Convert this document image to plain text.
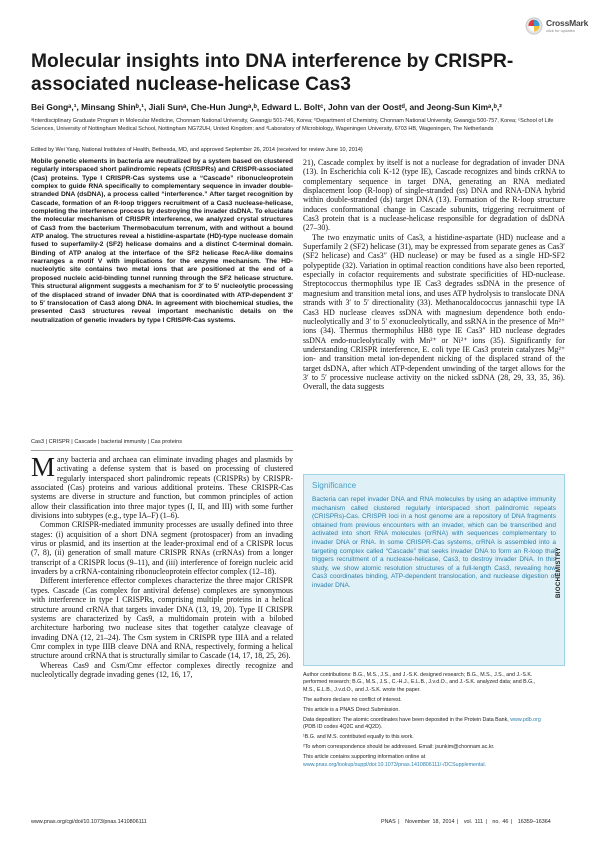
CrossMark
click for updates
Molecular insights into DNA interference by CRISPR-associated nuclease-helicase Cas3
Bei Gongᵃ,¹, Minsang Shinᵇ,¹, Jiali Sunᵃ, Che-Hun Jungᵃ,ᵇ, Edward L. Boltᶜ, John van der Oostᵈ, and Jeong-Sun Kimᵃ,ᵇ,²
ᵃInterdisciplinary Graduate Program in Molecular Medicine, Chonnam National University, Gwangju 501-746, Korea; ᵇDepartment of Chemistry, Chonnam National University, Gwangju 500-757, Korea; ᶜSchool of Life Sciences, University of Nottingham Medical School, Nottingham NG72UH, United Kingdom; and ᵈLaboratory of Microbiology, Wageningen University, 6703 HB, Wageningen, The Netherlands
Edited by Wei Yang, National Institutes of Health, Bethesda, MD, and approved September 26, 2014 (received for review June 10, 2014)
Mobile genetic elements in bacteria are neutralized by a system based on clustered regularly interspaced short palindromic repeats (CRISPRs) and CRISPR-associated (Cas) proteins. Type I CRISPR-Cas systems use a “Cascade” ribonucleoprotein complex to guide RNA specifically to complementary sequence in invader double-stranded DNA (dsDNA), a process called “interference.” After target recognition by Cascade, formation of an R-loop triggers recruitment of a Cas3 nuclease-helicase, completing the interference process by destroying the invader dsDNA. To elucidate the molecular mechanism of CRISPR interference, we analyzed crystal structures of Cas3 from the bacterium Thermobaculum terrenum, with and without a bound ATP analog. The structures reveal a histidine-aspartate (HD)-type nuclease domain fused to superfamily-2 (SF2) helicase domains and a distinct C-terminal domain. Binding of ATP analog at the interface of the SF2 helicase RecA-like domains rearranges a motif V with implications for the enzyme mechanism. The HD-nucleolytic site contains two metal ions that are positioned at the end of a proposed nucleic acid-binding tunnel running through the SF2 helicase structure. This structural alignment suggests a mechanism for 3′ to 5′ nucleolytic processing of the displaced strand of invader DNA that is coordinated with ATP-dependent 3′ to 5′ translocation of Cas3 along DNA. In agreement with biochemical studies, the presented Cas3 structures reveal important mechanistic details on the neutralization of genetic invaders by type I CRISPR-Cas systems.
Cas3 | CRISPR | Cascade | bacterial immunity | Cas proteins

Many bacteria and archaea can eliminate invading phages and plasmids by activating a defense system that is based on processing of clustered regularly interspaced short palindromic repeats (CRISPRs) by CRISPR-associated (Cas) proteins and various additional proteins. These CRISPR-Cas systems are diverse in structure and function, but common principles of action allow their classification into three major types (I, II, and III) with some further divisions into subtypes (e.g., type IA–F) (1–6).

Common CRISPR-mediated immunity processes are usually defined into three stages: (i) acquisition of a short DNA segment (protospacer) from an invading virus or plasmid, and its insertion at the leader-proximal end of a CRISPR locus (7, 8), (ii) generation of small mature CRISPR RNAs (crRNAs) from a longer transcript of a CRISPR locus (9–11), and (iii) interference of foreign nucleic acid invaders by a crRNA-containing ribonucleoprotein effector complex (12–18).

Different interference effector complexes characterize the three major CRISPR types. Cascade (Cas complex for antiviral defense) complexes are synonymous with interference in type I CRISPRs, comprising multiple proteins in a helical structure around crRNA that targets invader DNA (13, 19, 20). Type II CRISPR systems are characterized by Cas9, a multidomain protein with a bilobed architecture harboring two nuclease sites that together catalyze cleavage of invading DNA (12, 21–24). The Csm system in CRISPR type IIIA and a related Cmr complex in type IIIB cleave DNA and RNA, respectively, forming a helical structure around crRNA that is structurally similar to Cascade (14, 17, 18, 25, 26).

Whereas Cas9 and Csm/Cmr effector complexes directly recognize and nucleolytically degrade invading genes (12, 16, 17,

21), Cascade complex by itself is not a nuclease for degradation of invader DNA (13). In Escherichia coli K-12 (type IE), Cascade recognizes and binds crRNA to complementary sequence in target DNA, generating an RNA mediated displacement loop (R-loop) of single-stranded (ss) DNA and RNA-DNA hybrid within double-stranded (ds) target DNA (13). Formation of the R-loop structure induces conformational change in Cascade subunits, triggering recruitment of Cas3 protein that is a nuclease-helicase responsible for degradation of dsDNA (27–30).

The two enzymatic units of Cas3, a histidine-aspartate (HD) nuclease and a Superfamily 2 (SF2) helicase (31), may be expressed from separate genes as Cas3′ (SF2 helicase) and Cas3″ (HD nuclease) or may be fused as a single HD-SF2 polypeptide (32). Variation in optimal reaction conditions have also been reported, especially in cofactor requirements and substrate specificities of HD-nuclease. Streptococcus thermophilus type IE Cas3 degrades ssDNA in the presence of magnesium and transition metal ions, and uses ATP hydrolysis to translocate DNA strands with 3′ to 5′ directionality (33). Methanocaldococcus jannaschii type IA Cas3 HD nuclease cleaves ssDNA with magnesium dependence both endo-nucleolytically and 3′ to 5′ exonucleolytically, and ssRNA in the presence of Mn²⁺ ions (34). Thermus thermophilus HB8 type IE Cas3″ HD nuclease degrades ssDNA endo-nucleolytically with Mn²⁺ or Ni²⁺ ions (35). Significantly for understanding CRISPR interference, E. coli type IE Cas3 protein catalyzes Mg²⁺ ion- and transition metal ion-dependent nicking of the displaced strand of the target dsDNA, after which ATP-dependent unwinding of the target allows for the 3′ to 5′ processive nuclease activity on the nicked ssDNA (28, 29, 33, 35, 36). Overall, the data suggests

Significance
Bacteria can repel invader DNA and RNA molecules by using an adaptive immunity mechanism called clustered regularly interspaced short palindromic repeats (CRISPRs)-Cas. CRISPR loci in a host genome are a repository of DNA fragments obtained from previous encounters with an invader, which can be transcribed and activated into short RNA molecules (crRNA) with sequences complementary to invader DNA or RNA. In some CRISPR-Cas systems, crRNA is assembled into a targeting complex called “Cascade” that seeks invader DNA to form an R-loop that triggers recruitment of a nuclease-helicase, Cas3, to destroy invader DNA. In this study, we show atomic resolution structures of a full-length Cas3, revealing how Cas3 coordinates binding, ATP-dependent translocation, and nuclease digestion of invader DNA.

Author contributions: B.G., M.S., J.S., and J.-S.K. designed research; B.G., M.S., J.S., and J.-S.K. performed research; B.G., M.S., J.S., C.-H.J., E.L.B., J.v.d.O., and J.-S.K. analyzed data; and B.G., M.S., E.L.B., J.v.d.O., and J.-S.K. wrote the paper.

The authors declare no conflict of interest.

This article is a PNAS Direct Submission.

Data deposition: The atomic coordinates have been deposited in the Protein Data Bank, www.pdb.org (PDB ID codes 4Q2C and 4Q2D).

¹B.G. and M.S. contributed equally to this work.

²To whom correspondence should be addressed. Email: jsunkim@chonnam.ac.kr.

This article contains supporting information online at www.pnas.org/lookup/suppl/doi:10.1073/pnas.1410806111/-/DCSupplemental.

BIOCHEMISTRY
www.pnas.org/cgi/doi/10.1073/pnas.1410806111	PNAS | November 18, 2014 | vol. 111 | no. 46 | 16359–16364
